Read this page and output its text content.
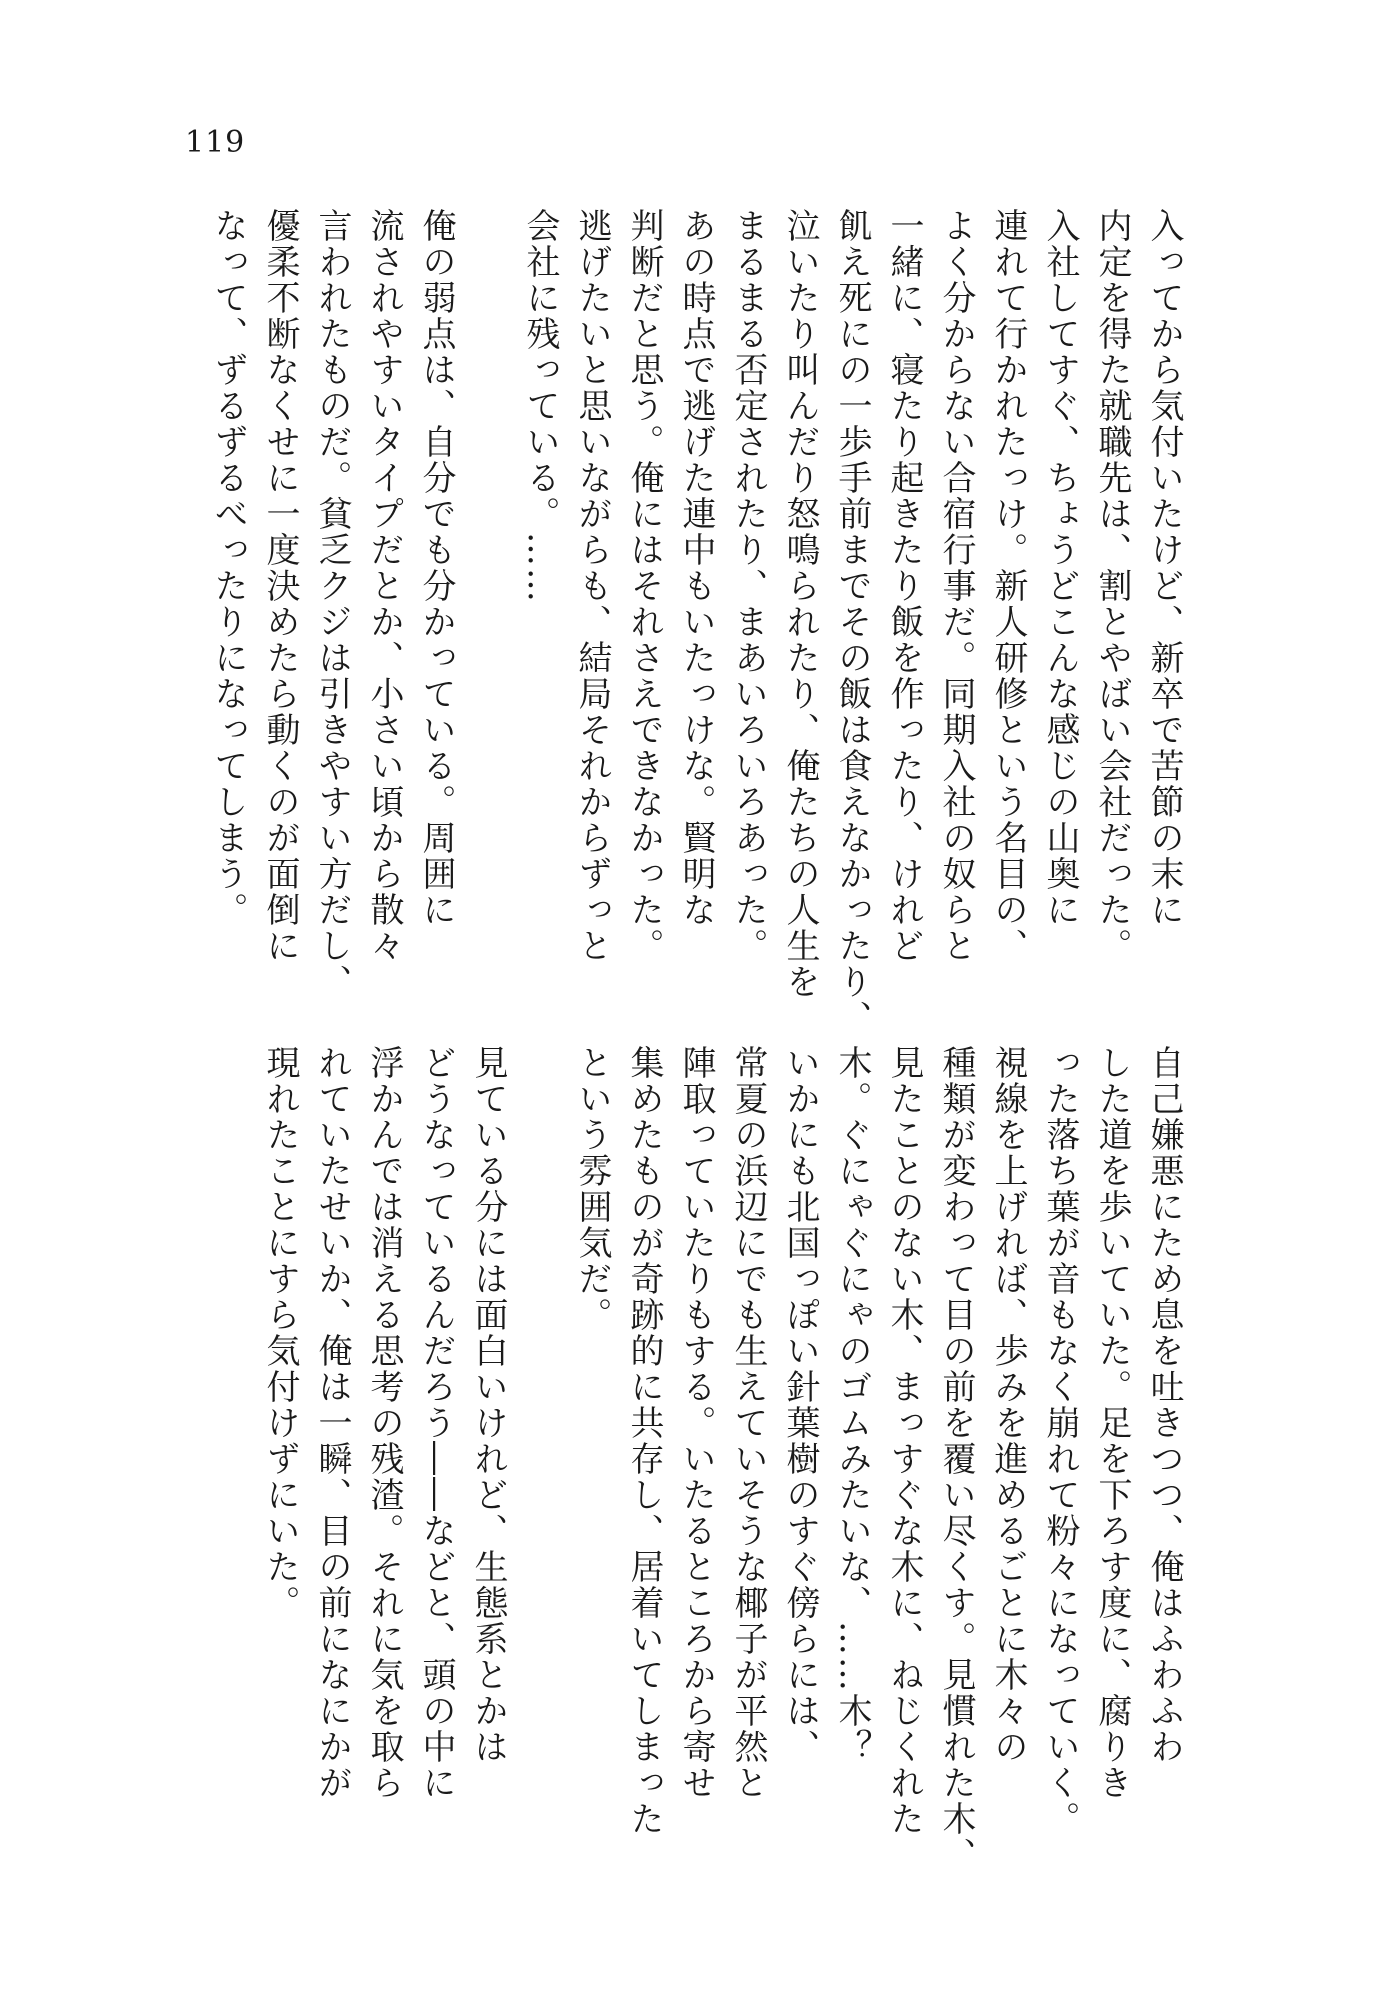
119

入ってから気付いたけど、新卒で苦節の末に

内定を得た就職先は、割とやばい会社だった。

入社してすぐ、ちょうどこんな感じの山奥に

連れて行かれたっけ。新人研修という名目の、

よく分からない合宿行事だ。同期入社の奴らと

一緒に、寝たり起きたり飯を作ったり、けれど

飢え死にの一歩手前までその飯は食えなかったり、

泣いたり叫んだり怒鳴られたり、俺たちの人生を

まるまる否定されたり、まあいろいろあった。

あの時点で逃げた連中もいたっけな。賢明な

判断だと思う。俺にはそれさえできなかった。

逃げたいと思いながらも、結局それからずっと

会社に残っている。……

俺の弱点は、自分でも分かっている。周囲に

流されやすいタイプだとか、小さい頃から散々

言われたものだ。貧乏クジは引きやすい方だし、

優柔不断なくせに一度決めたら動くのが面倒に

なって、ずるずるべったりになってしまう。

自己嫌悪にため息を吐きつつ、俺はふわふわ

した道を歩いていた。足を下ろす度に、腐りき

った落ち葉が音もなく崩れて粉々になっていく。

視線を上げれば、歩みを進めるごとに木々の

種類が変わって目の前を覆い尽くす。見慣れた木、

見たことのない木、まっすぐな木に、ねじくれた

木。ぐにゃぐにゃのゴムみたいな、……木？

いかにも北国っぽい針葉樹のすぐ傍らには、

常夏の浜辺にでも生えていそうな椰子が平然と

陣取っていたりもする。いたるところから寄せ

集めたものが奇跡的に共存し、居着いてしまった

という雰囲気だ。

見ている分には面白いけれど、生態系とかは

どうなっているんだろう――などと、頭の中に

浮かんでは消える思考の残渣。それに気を取ら

れていたせいか、俺は一瞬、目の前になにかが

現れたことにすら気付けずにいた。
